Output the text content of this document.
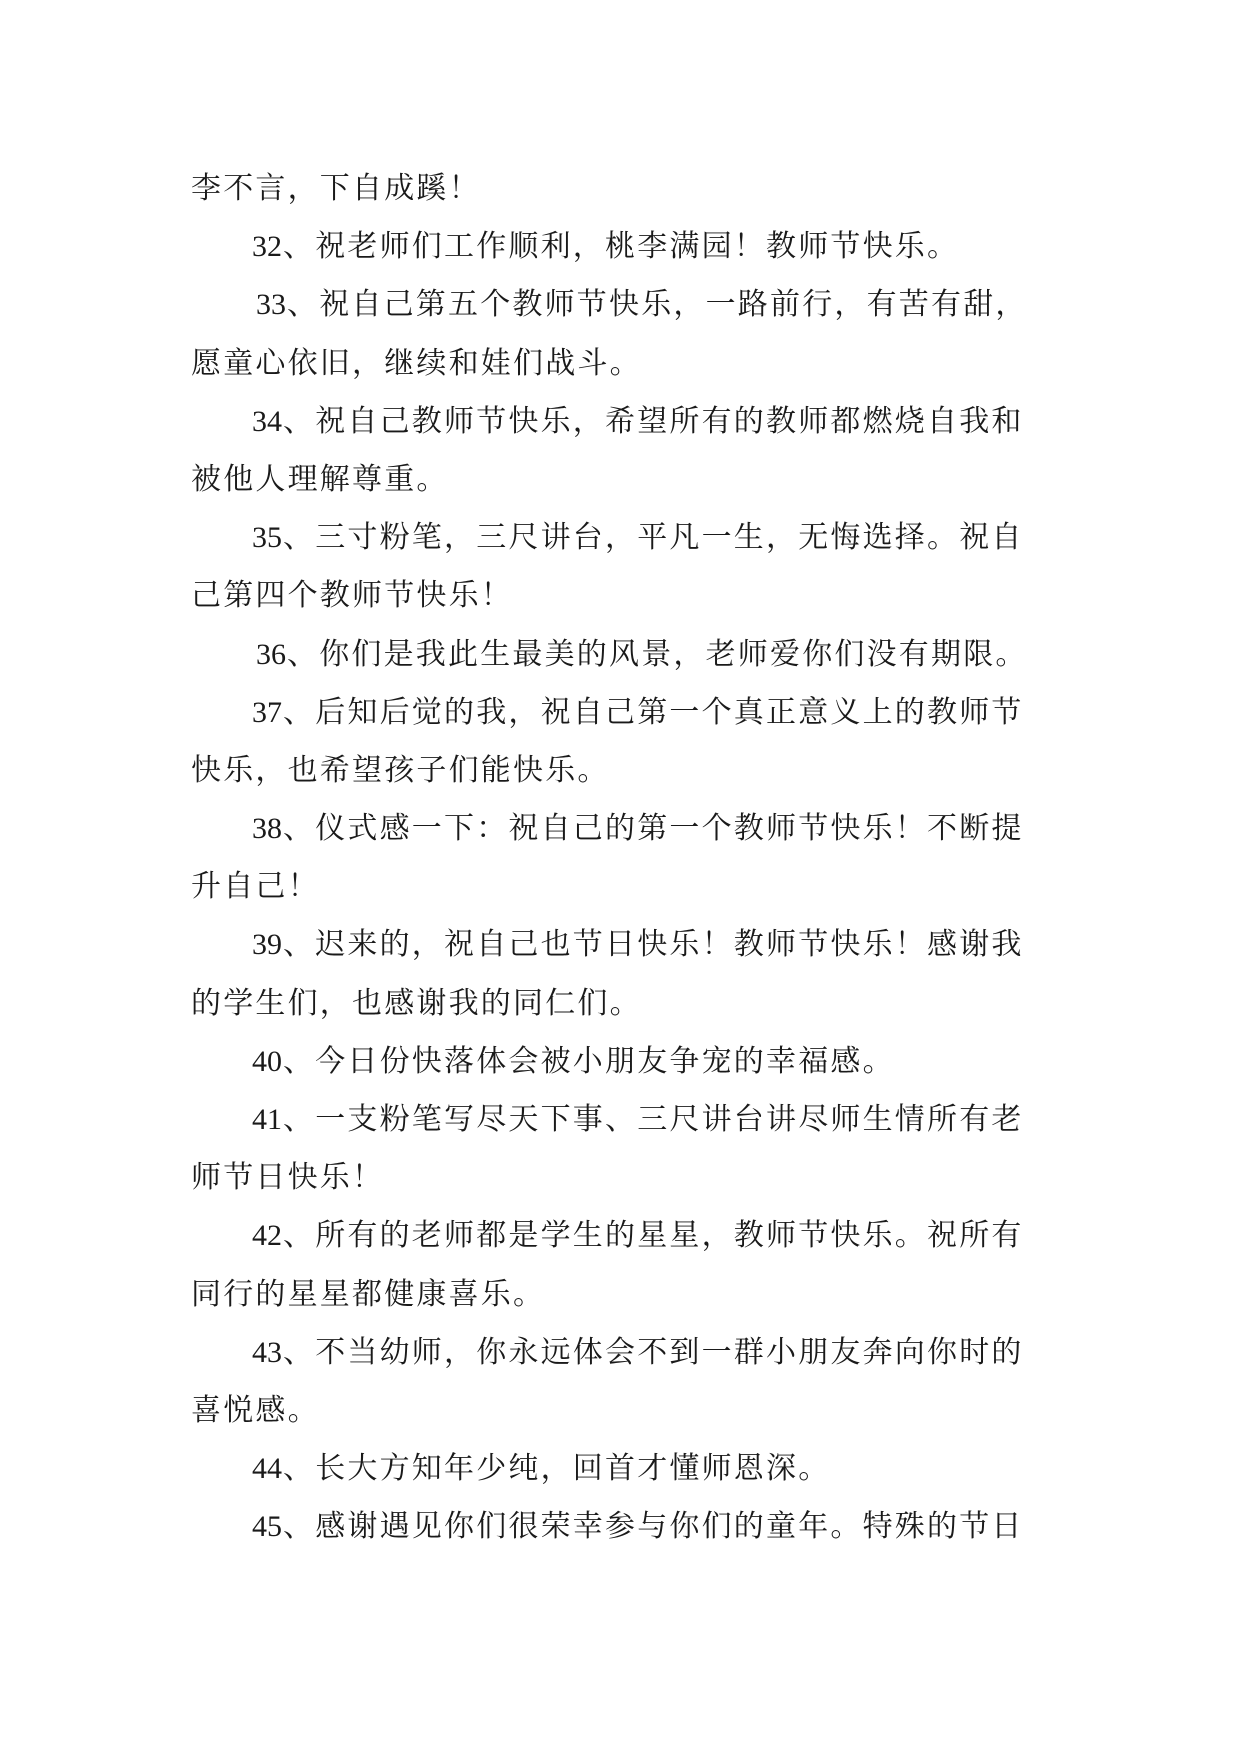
李不言，下自成蹊！
32、祝老师们工作顺利，桃李满园！教师节快乐。
33、祝自己第五个教师节快乐，一路前行，有苦有甜，
愿童心依旧，继续和娃们战斗。
34、祝自己教师节快乐，希望所有的教师都燃烧自我和
被他人理解尊重。
35、三寸粉笔，三尺讲台，平凡一生，无悔选择。祝自
己第四个教师节快乐！
36、你们是我此生最美的风景，老师爱你们没有期限。
37、后知后觉的我，祝自己第一个真正意义上的教师节
快乐，也希望孩子们能快乐。
38、仪式感一下：祝自己的第一个教师节快乐！不断提
升自己！
39、迟来的，祝自己也节日快乐！教师节快乐！感谢我
的学生们，也感谢我的同仁们。
40、今日份快落体会被小朋友争宠的幸福感。
41、一支粉笔写尽天下事、三尺讲台讲尽师生情所有老
师节日快乐！
42、所有的老师都是学生的星星，教师节快乐。祝所有
同行的星星都健康喜乐。
43、不当幼师，你永远体会不到一群小朋友奔向你时的
喜悦感。
44、长大方知年少纯，回首才懂师恩深。
45、感谢遇见你们很荣幸参与你们的童年。特殊的节日
